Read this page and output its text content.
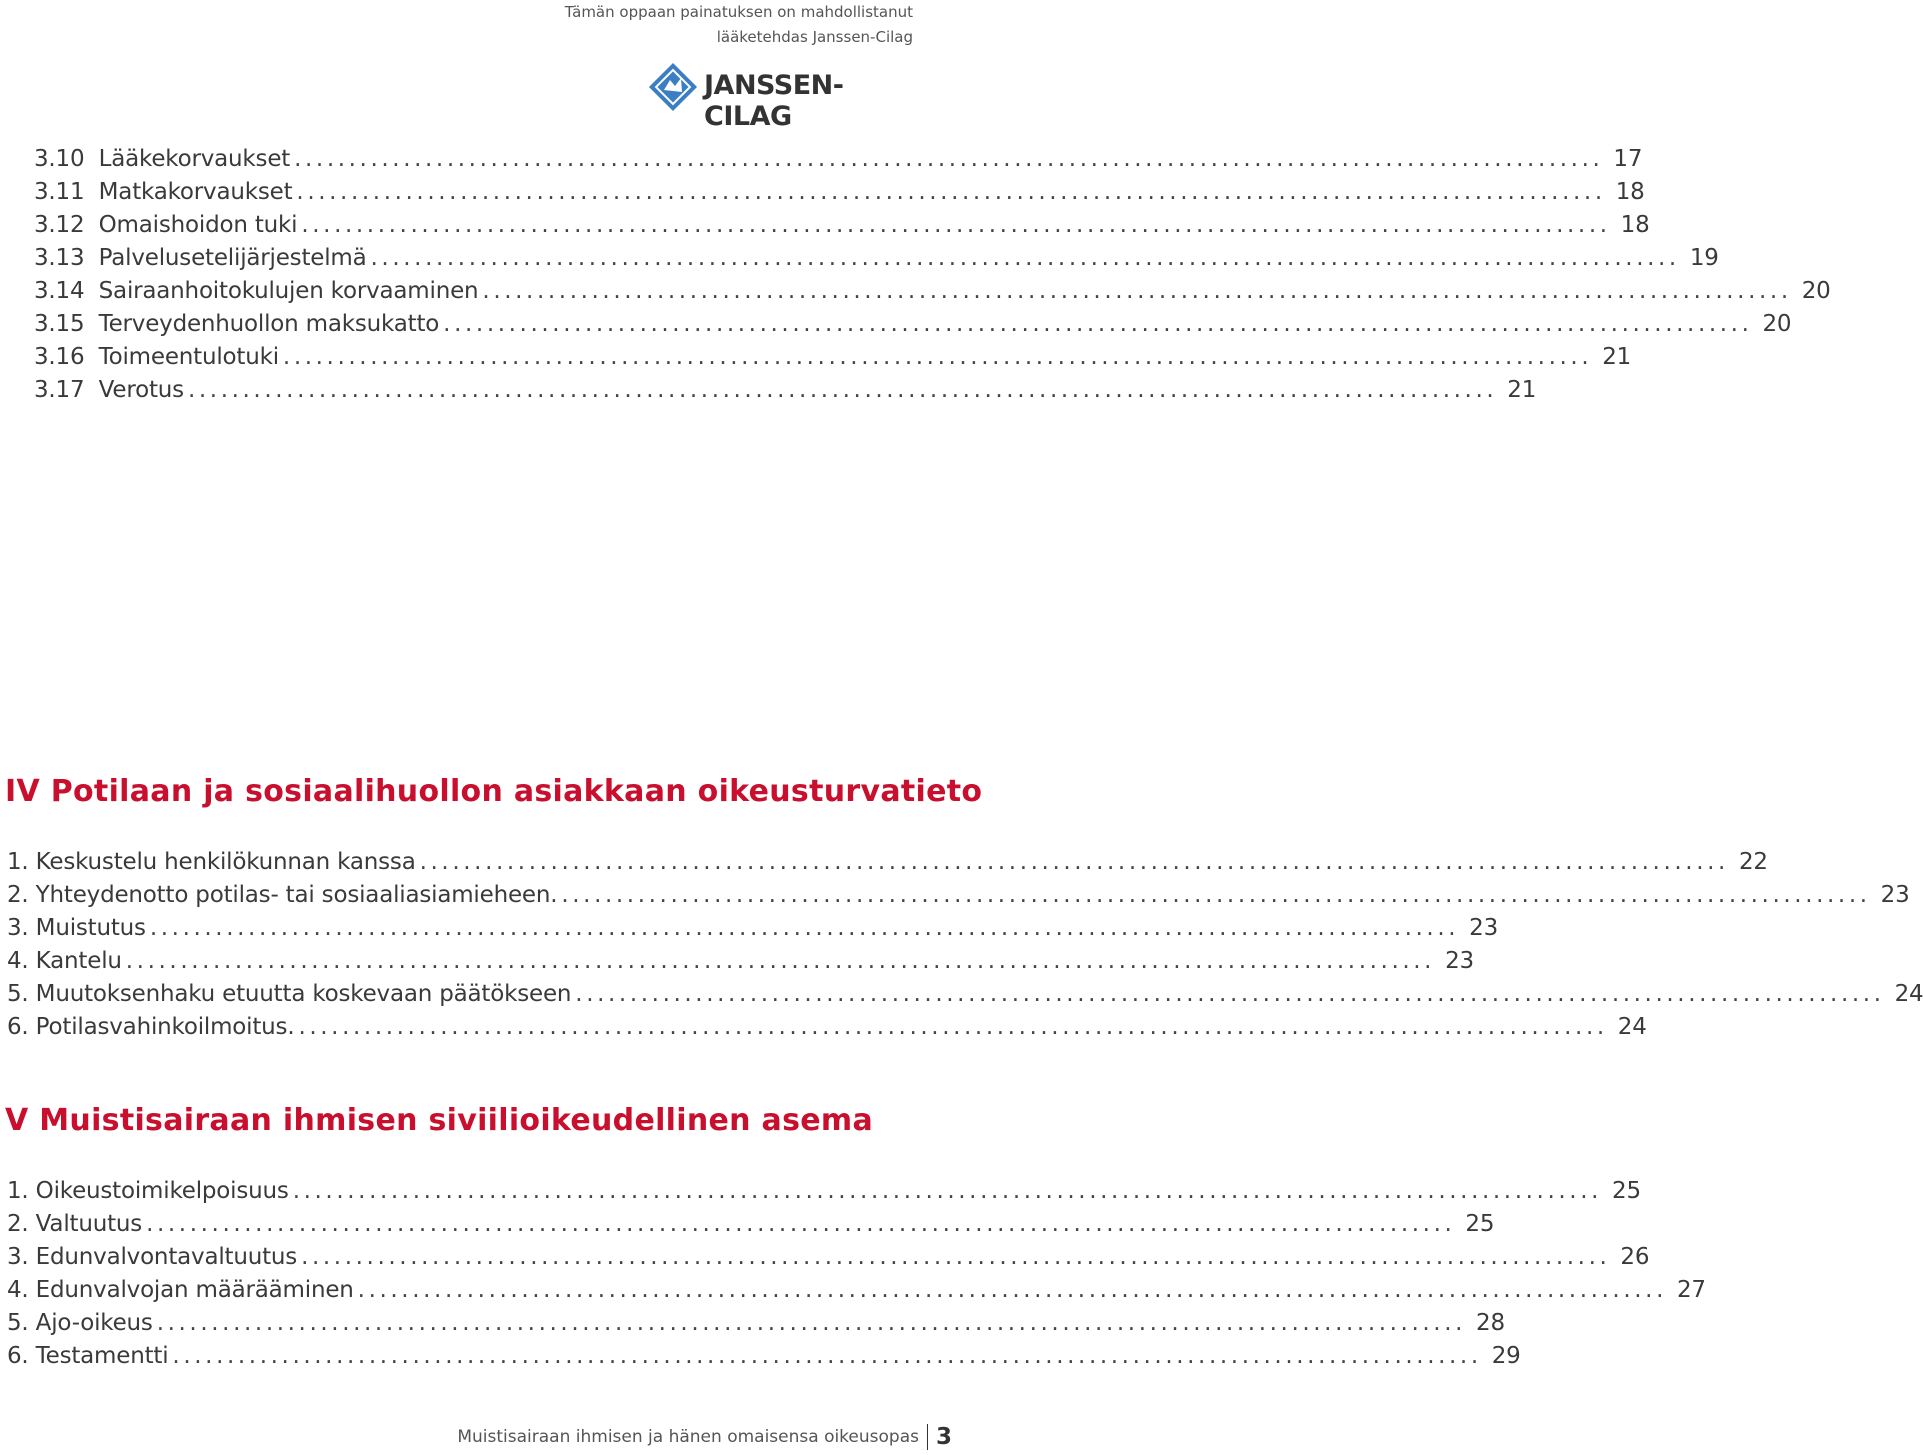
Tämän oppaan painatuksen on mahdollistanut
lääketehdas Janssen-Cilag
JANSSEN-CILAG
3.10
Lääkekorvaukset ........................................................................................................................ 17
3.11
Matkakorvaukset ........................................................................................................................ 18
3.12
Omaishoidon tuki ........................................................................................................................ 18
3.13
Palvelusetelijärjestelmä ........................................................................................................................ 19
3.14
Sairaanhoitokulujen korvaaminen ........................................................................................................................ 20
3.15
Terveydenhuollon maksukatto ........................................................................................................................ 20
3.16
Toimeentulotuki ........................................................................................................................ 21
3.17
Verotus ........................................................................................................................ 21
IV Potilaan ja sosiaalihuollon asiakkaan oikeusturvatieto
1.
Keskustelu henkilökunnan kanssa ........................................................................................................................ 22
2.
Yhteydenotto potilas- tai sosiaaliasiamieheen. ........................................................................................................................ 23
3.
Muistutus ........................................................................................................................ 23
4.
Kantelu ........................................................................................................................ 23
5.
Muutoksenhaku etuutta koskevaan päätökseen ........................................................................................................................ 24
6.
Potilasvahinkoilmoitus. ........................................................................................................................ 24
V Muistisairaan ihmisen siviilioikeudellinen asema
1.
Oikeustoimikelpoisuus ........................................................................................................................ 25
2.
Valtuutus ........................................................................................................................ 25
3.
Edunvalvontavaltuutus ........................................................................................................................ 26
4.
Edunvalvojan määrääminen ........................................................................................................................ 27
5.
Ajo-oikeus ........................................................................................................................ 28
6.
Testamentti ........................................................................................................................ 29
Muistisairaan ihmisen ja hänen omaisensa oikeusopas 3
